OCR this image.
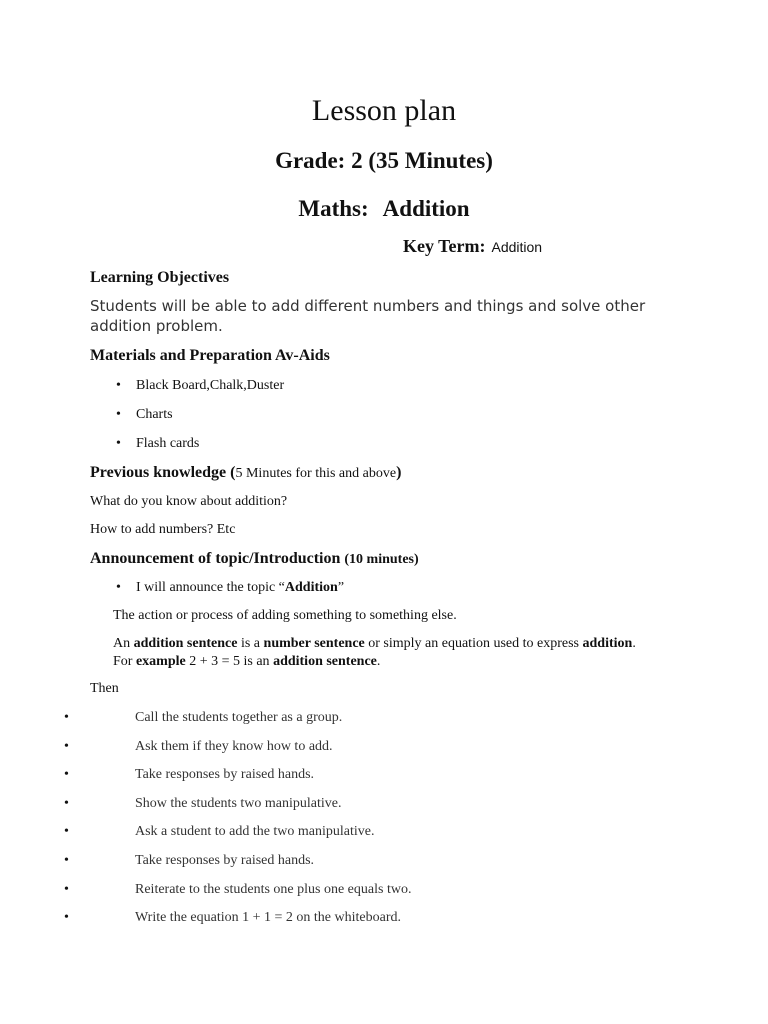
Lesson plan
Grade: 2 (35 Minutes)
Maths: Addition
Key Term: Addition
Learning Objectives
Students will be able to add different numbers and things and solve other addition problem.
Materials and Preparation Av-Aids
• Black Board,Chalk,Duster
• Charts
• Flash cards
Previous knowledge (5 Minutes for this and above)
What do you know about addition?
How to add numbers? Etc
Announcement of topic/Introduction (10 minutes)
• I will announce the topic “Addition”
The action or process of adding something to something else.
An addition sentence is a number sentence or simply an equation used to express addition.
For example 2 + 3 = 5 is an addition sentence.
Then
•	Call the students together as a group.
•	Ask them if they know how to add.
•	Take responses by raised hands.
•	Show the students two manipulative.
•	Ask a student to add the two manipulative.
•	Take responses by raised hands.
•	Reiterate to the students one plus one equals two.
•	Write the equation 1 + 1 = 2 on the whiteboard.
